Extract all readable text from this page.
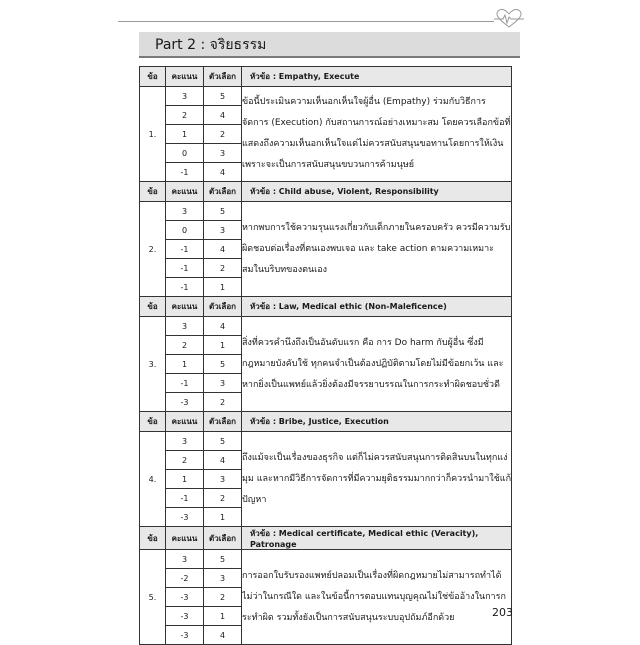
Part 2 : จริยธรรม
ข้อ	คะแนน	ตัวเลือก	หัวข้อ : Empathy, Execute
1.	3	5	ข้อนี้ประเมินความเห็นอกเห็นใจผู้อื่น (Empathy) ร่วมกับวิธีการจัดการ (Execution) กับสถานการณ์อย่างเหมาะสม โดยควรเลือกข้อที่แสดงถึงความเห็นอกเห็นใจแต่ไม่ควรสนับสนุนขอทานโดยการให้เงิน เพราะจะเป็นการสนับสนุนขบวนการค้ามนุษย์
	2	4	
	1	2	
	0	3	
	-1	4	
ข้อ	คะแนน	ตัวเลือก	หัวข้อ : Child abuse, Violent, Responsibility
2.	3	5	หากพบการใช้ความรุนแรงเกี่ยวกับเด็กภายในครอบครัว ควรมีความรับผิดชอบต่อเรื่องที่ตนเองพบเจอ และ take action ตามความเหมาะสมในบริบทของตนเอง
	0	3	
	-1	4	
	-1	2	
	-1	1	
ข้อ	คะแนน	ตัวเลือก	หัวข้อ : Law, Medical ethic (Non-Maleficence)
3.	3	4	สิ่งที่ควรคำนึงถึงเป็นอันดับแรก คือ การ Do harm กับผู้อื่น ซึ่งมีกฎหมายบังคับใช้ ทุกคนจำเป็นต้องปฏิบัติตามโดยไม่มีข้อยกเว้น และหากยิ่งเป็นแพทย์แล้วยิ่งต้องมีจรรยาบรรณในการกระทำผิดชอบชั่วดี
	2	1	
	1	5	
	-1	3	
	-3	2	
ข้อ	คะแนน	ตัวเลือก	หัวข้อ : Bribe, Justice, Execution
4.	3	5	ถึงแม้จะเป็นเรื่องของธุรกิจ แต่ก็ไม่ควรสนับสนุนการติดสินบนในทุกแง่มุม และหากมีวิธีการจัดการที่มีความยุติธรรมมากกว่าก็ควรนำมาใช้แก้ปัญหา
	2	4	
	1	3	
	-1	2	
	-3	1	
ข้อ	คะแนน	ตัวเลือก	หัวข้อ : Medical certificate, Medical ethic (Veracity), Patronage
5.	3	5	การออกใบรับรองแพทย์ปลอมเป็นเรื่องที่ผิดกฎหมายไม่สามารถทำได้ไม่ว่าในกรณีใด และในข้อนี้การตอบแทนบุญคุณไม่ใช่ข้ออ้างในการกระทำผิด รวมทั้งยังเป็นการสนับสนุนระบบอุปถัมภ์อีกด้วย
	-2	3	
	-3	2	
	-3	1	
	-3	4	
203
